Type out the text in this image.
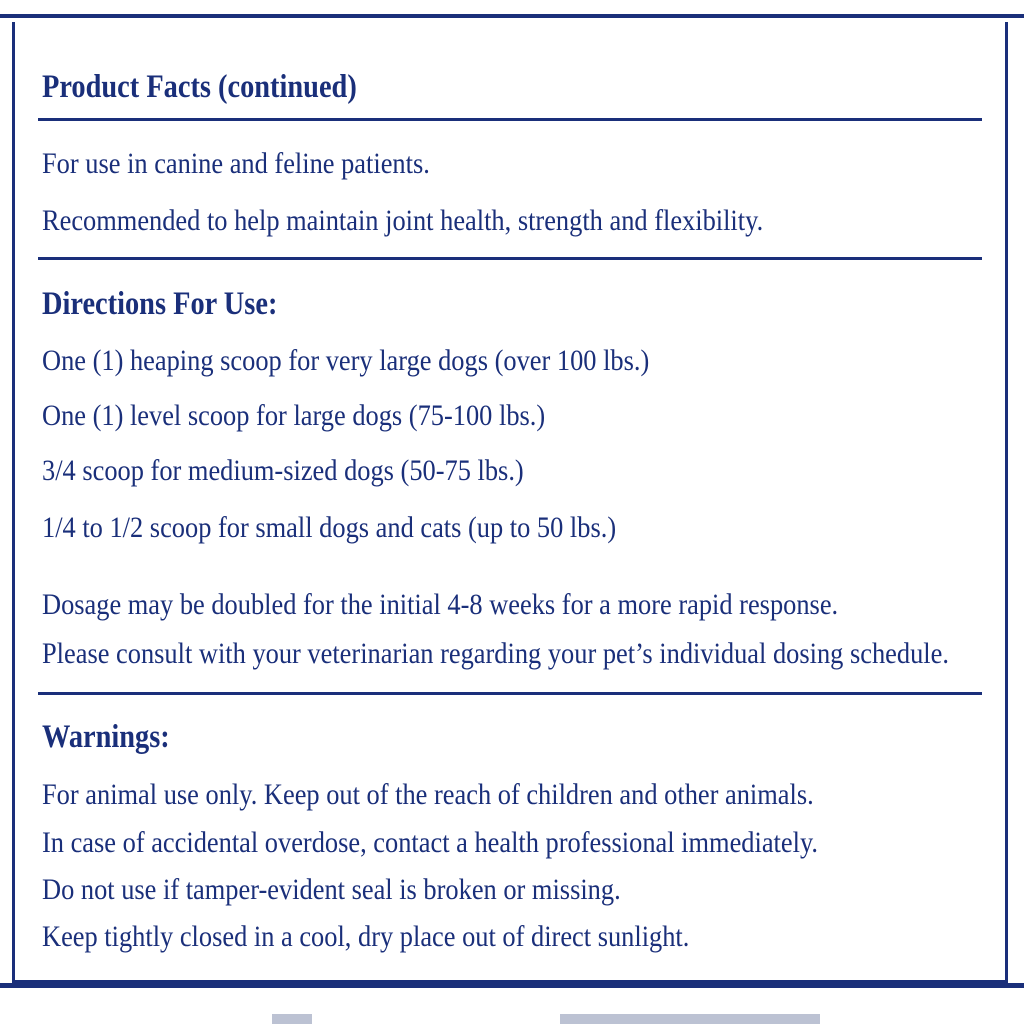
Product Facts (continued)

For use in canine and feline patients.

Recommended to help maintain joint health, strength and flexibility.

Directions For Use:

One (1) heaping scoop for very large dogs (over 100 lbs.)

One (1) level scoop for large dogs (75-100 lbs.)

3/4 scoop for medium-sized dogs (50-75 lbs.)

1/4 to 1/2 scoop for small dogs and cats (up to 50 lbs.)

Dosage may be doubled for the initial 4-8 weeks for a more rapid response.

Please consult with your veterinarian regarding your pet’s individual dosing schedule.

Warnings:

For animal use only. Keep out of the reach of children and other animals.

In case of accidental overdose, contact a health professional immediately.

Do not use if tamper-evident seal is broken or missing.

Keep tightly closed in a cool, dry place out of direct sunlight.
